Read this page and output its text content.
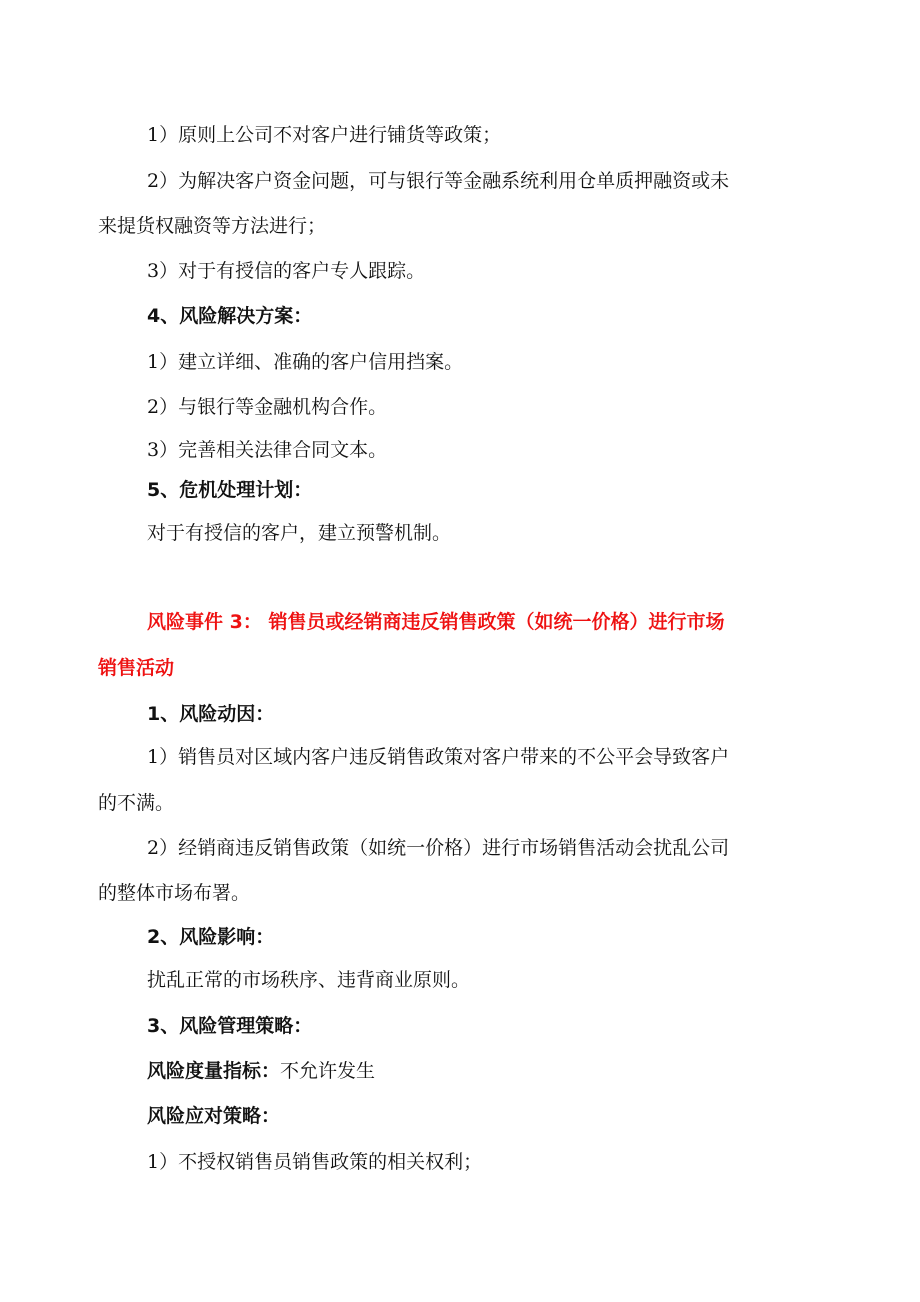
1）原则上公司不对客户进行铺货等政策；
2）为解决客户资金问题，可与银行等金融系统利用仓单质押融资或未
来提货权融资等方法进行；
3）对于有授信的客户专人跟踪。
4、风险解决方案：
1）建立详细、准确的客户信用挡案。
2）与银行等金融机构合作。
3）完善相关法律合同文本。
5、危机处理计划：
对于有授信的客户，建立预警机制。
风险事件 3： 销售员或经销商违反销售政策（如统一价格）进行市场
销售活动
1、风险动因：
1）销售员对区域内客户违反销售政策对客户带来的不公平会导致客户
的不满。
2）经销商违反销售政策（如统一价格）进行市场销售活动会扰乱公司
的整体市场布署。
2、风险影响：
扰乱正常的市场秩序、违背商业原则。
3、风险管理策略：
风险度量指标：不允许发生
风险应对策略：
1）不授权销售员销售政策的相关权利；
